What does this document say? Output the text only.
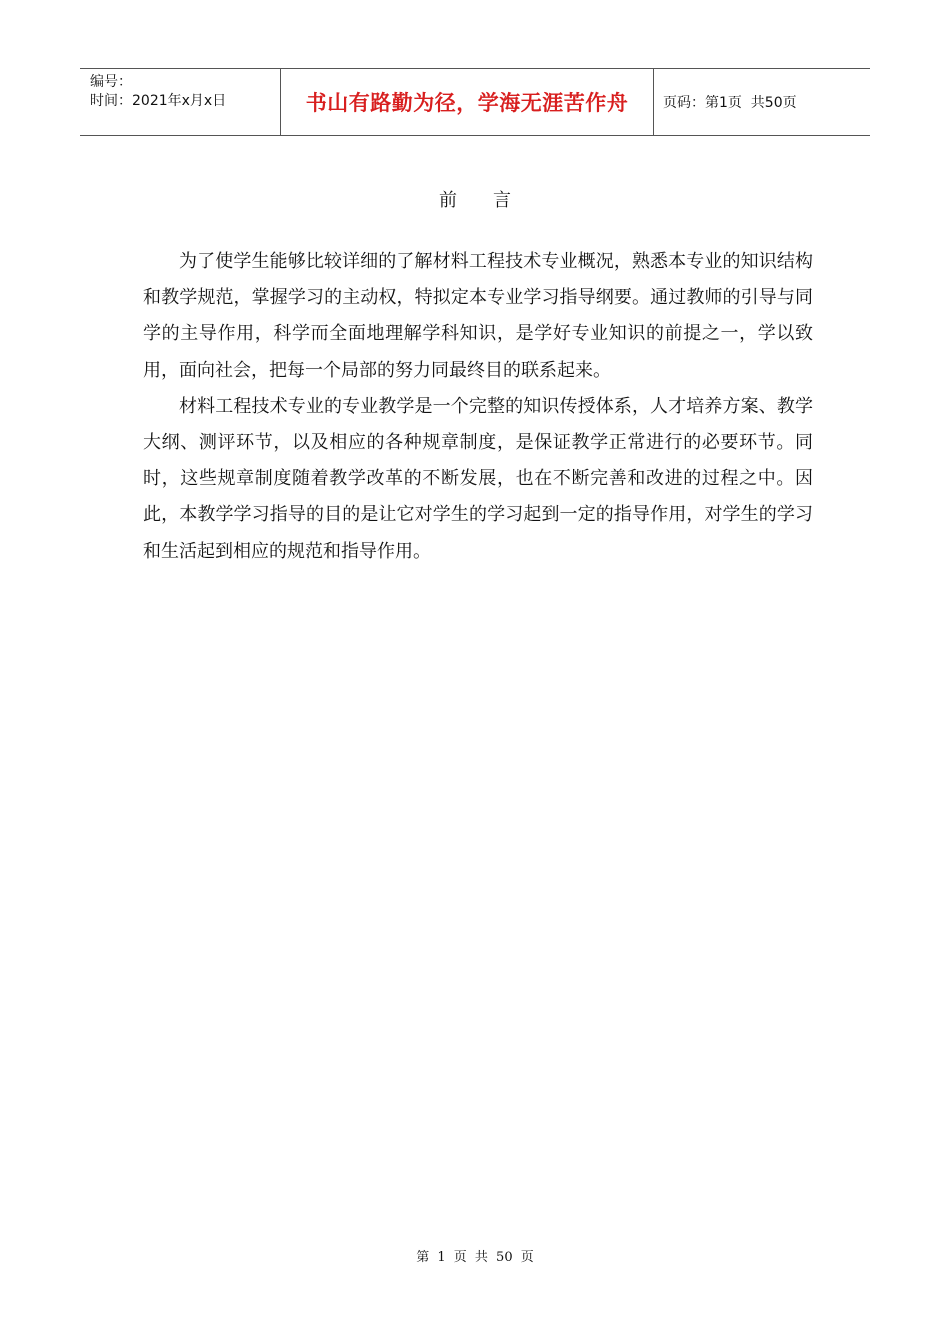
编号：
时间：2021年x月x日	书山有路勤为径，学海无涯苦作舟	页码：第1页  共50页
前言

为了使学生能够比较详细的了解材料工程技术专业概况，熟悉本专业的知识结构和教学规范，掌握学习的主动权，特拟定本专业学习指导纲要。通过教师的引导与同学的主导作用，科学而全面地理解学科知识，是学好专业知识的前提之一，学以致用，面向社会，把每一个局部的努力同最终目的联系起来。

材料工程技术专业的专业教学是一个完整的知识传授体系，人才培养方案、教学大纲、测评环节，以及相应的各种规章制度，是保证教学正常进行的必要环节。同时，这些规章制度随着教学改革的不断发展，也在不断完善和改进的过程之中。因此，本教学学习指导的目的是让它对学生的学习起到一定的指导作用，对学生的学习和生活起到相应的规范和指导作用。

第 1 页 共 50 页
